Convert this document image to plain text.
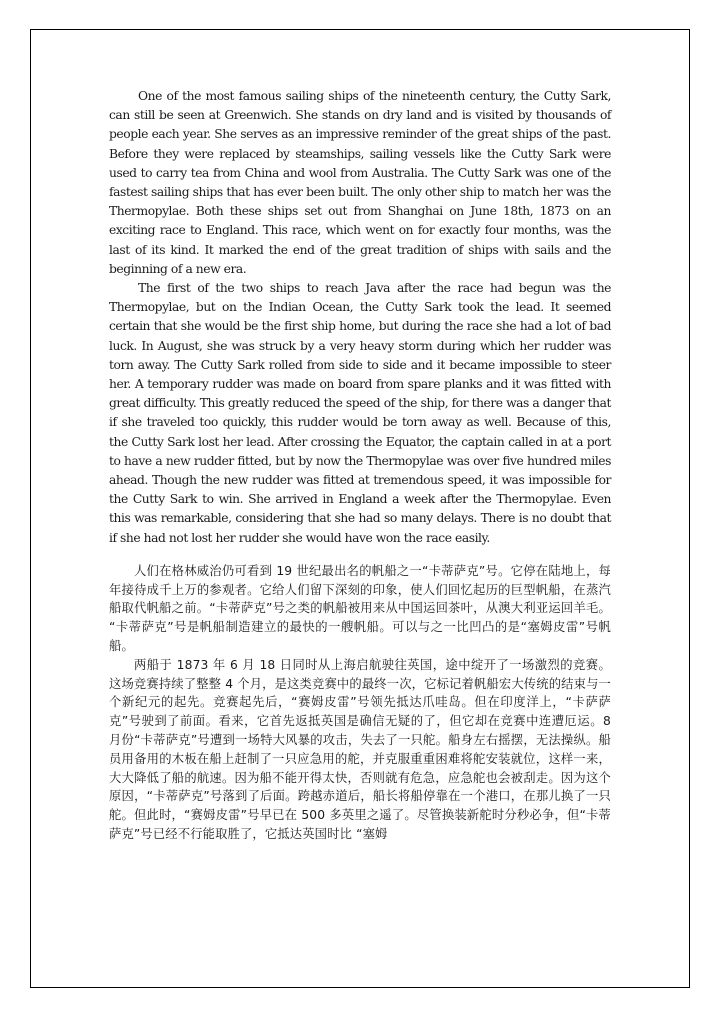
One of the most famous sailing ships of the nineteenth century, the Cutty Sark, can still be seen at Greenwich. She stands on dry land and is visited by thousands of people each year. She serves as an impressive reminder of the great ships of the past. Before they were replaced by steamships, sailing vessels like the Cutty Sark were used to carry tea from China and wool from Australia. The Cutty Sark was one of the fastest sailing ships that has ever been built. The only other ship to match her was the Thermopylae. Both these ships set out from Shanghai on June 18th, 1873 on an exciting race to England. This race, which went on for exactly four months, was the last of its kind. It marked the end of the great tradition of ships with sails and the beginning of a new era.

The first of the two ships to reach Java after the race had begun was the Thermopylae, but on the Indian Ocean, the Cutty Sark took the lead. It seemed certain that she would be the first ship home, but during the race she had a lot of bad luck. In August, she was struck by a very heavy storm during which her rudder was torn away. The Cutty Sark rolled from side to side and it became impossible to steer her. A temporary rudder was made on board from spare planks and it was fitted with great difficulty. This greatly reduced the speed of the ship, for there was a danger that if she traveled too quickly, this rudder would be torn away as well. Because of this, the Cutty Sark lost her lead. After crossing the Equator, the captain called in at a port to have a new rudder fitted, but by now the Thermopylae was over five hundred miles ahead. Though the new rudder was fitted at tremendous speed, it was impossible for the Cutty Sark to win. She arrived in England a week after the Thermopylae. Even this was remarkable, considering that she had so many delays. There is no doubt that if she had not lost her rudder she would have won the race easily.

人们在格林威治仍可看到 19 世纪最出名的帆船之一“卡蒂萨克”号。它停在陆地上，每年接待成千上万的参观者。它给人们留下深刻的印象，使人们回忆起历的巨型帆船，在蒸汽船取代帆船之前。“卡蒂萨克”号之类的帆船被用来从中国运回茶叶，从澳大利亚运回羊毛。 “卡蒂萨克”号是帆船制造建立的最快的一艘帆船。可以与之一比凹凸的是“塞姆皮雷”号帆船。

两船于 1873 年 6 月 18 日同时从上海启航驶往英国，途中绽开了一场激烈的竞赛。这场竞赛持续了整整 4 个月，是这类竞赛中的最终一次，它标记着帆船宏大传统的结束与一个新纪元的起先。竞赛起先后，“赛姆皮雷”号领先抵达爪哇岛。但在印度洋上，“卡萨萨克”号驶到了前面。看来，它首先返抵英国是确信无疑的了，但它却在竞赛中连遭厄运。8 月份“卡蒂萨克”号遭到一场特大风暴的攻击，失去了一只舵。船身左右摇摆，无法操纵。船员用备用的木板在船上赶制了一只应急用的舵，并克服重重困难将舵安装就位，这样一来，大大降低了船的航速。因为船不能开得太快，否则就有危急，应急舵也会被刮走。因为这个原因，“卡蒂萨克”号落到了后面。跨越赤道后，船长将船停靠在一个港口，在那儿换了一只舵。但此时，“赛姆皮雷”号早已在 500 多英里之遥了。尽管换装新舵时分秒必争，但“卡蒂萨克”号已经不行能取胜了，它抵达英国时比 “塞姆
